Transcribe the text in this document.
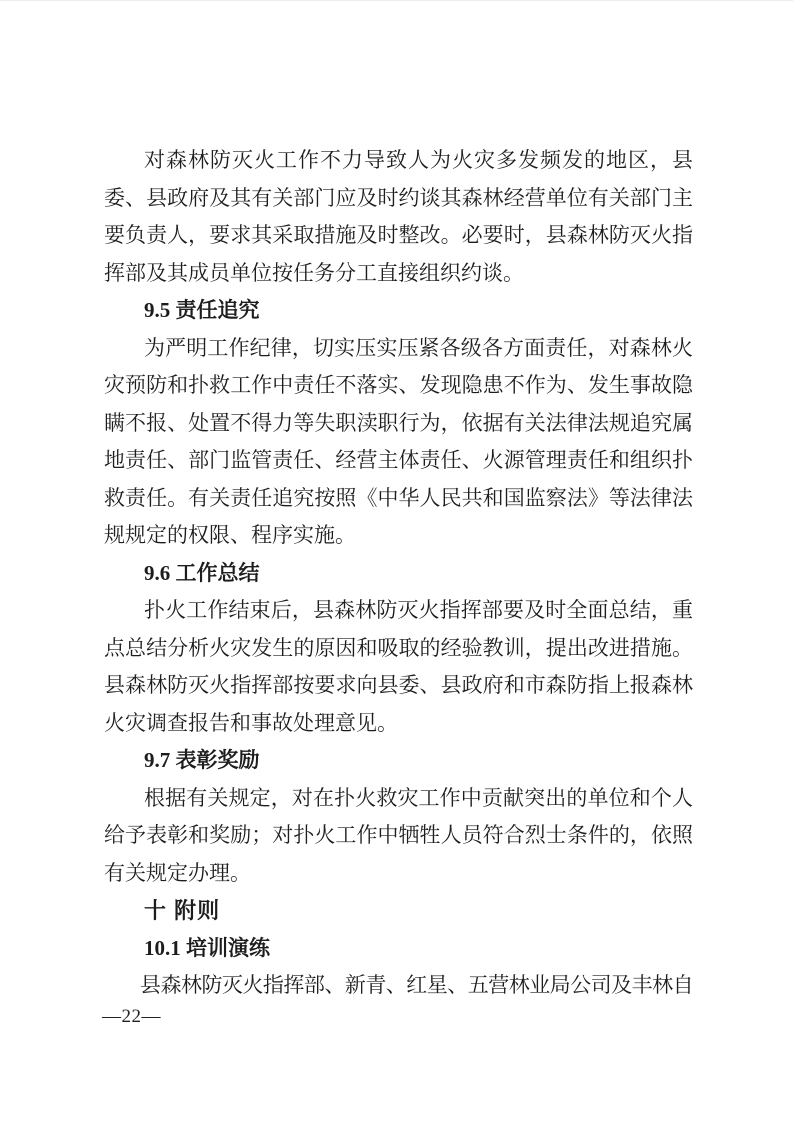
对森林防灭火工作不力导致人为火灾多发频发的地区，县委、县政府及其有关部门应及时约谈其森林经营单位有关部门主要负责人，要求其采取措施及时整改。必要时，县森林防灭火指挥部及其成员单位按任务分工直接组织约谈。

9.5 责任追究

为严明工作纪律，切实压实压紧各级各方面责任，对森林火灾预防和扑救工作中责任不落实、发现隐患不作为、发生事故隐瞒不报、处置不得力等失职渎职行为，依据有关法律法规追究属地责任、部门监管责任、经营主体责任、火源管理责任和组织扑救责任。有关责任追究按照《中华人民共和国监察法》等法律法规规定的权限、程序实施。

9.6 工作总结

扑火工作结束后，县森林防灭火指挥部要及时全面总结，重点总结分析火灾发生的原因和吸取的经验教训，提出改进措施。县森林防灭火指挥部按要求向县委、县政府和市森防指上报森林火灾调查报告和事故处理意见。

9.7 表彰奖励

根据有关规定，对在扑火救灾工作中贡献突出的单位和个人给予表彰和奖励；对扑火工作中牺牲人员符合烈士条件的，依照有关规定办理。

十 附则
10.1 培训演练

县森林防灭火指挥部、新青、红星、五营林业局公司及丰林自

—22—
